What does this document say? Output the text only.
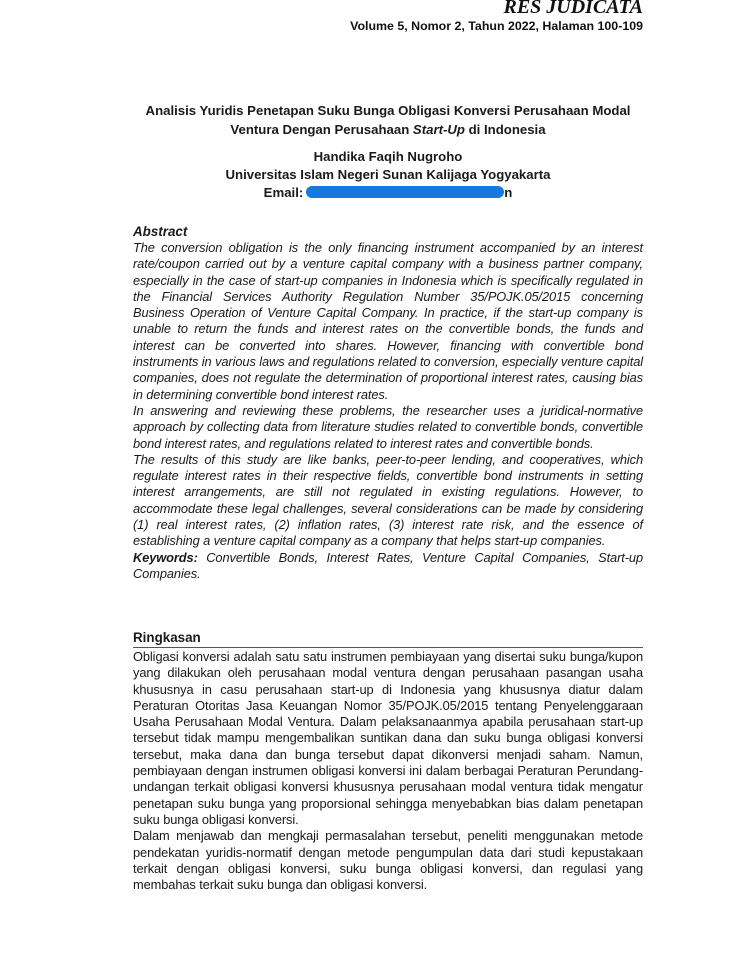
RES JUDICATA
Volume 5, Nomor 2, Tahun 2022, Halaman 100-109
Analisis Yuridis Penetapan Suku Bunga Obligasi Konversi Perusahaan Modal
Ventura Dengan Perusahaan Start-Up di Indonesia
Handika Faqih Nugroho
Universitas Islam Negeri Sunan Kalijaga Yogyakarta
Email:	n
Abstract

The conversion obligation is the only financing instrument accompanied by an interest rate/coupon carried out by a venture capital company with a business partner company, especially in the case of start-up companies in Indonesia which is specifically regulated in the Financial Services Authority Regulation Number 35/POJK.05/2015 concerning Business Operation of Venture Capital Company. In practice, if the start-up company is unable to return the funds and interest rates on the convertible bonds, the funds and interest can be converted into shares. However, financing with convertible bond instruments in various laws and regulations related to conversion, especially venture capital companies, does not regulate the determination of proportional interest rates, causing bias in determining convertible bond interest rates.

In answering and reviewing these problems, the researcher uses a juridical-normative approach by collecting data from literature studies related to convertible bonds, convertible bond interest rates, and regulations related to interest rates and convertible bonds.

The results of this study are like banks, peer-to-peer lending, and cooperatives, which regulate interest rates in their respective fields, convertible bond instruments in setting interest arrangements, are still not regulated in existing regulations. However, to accommodate these legal challenges, several considerations can be made by considering (1) real interest rates, (2) inflation rates, (3) interest rate risk, and the essence of establishing a venture capital company as a company that helps start-up companies.

Keywords: Convertible Bonds, Interest Rates, Venture Capital Companies, Start-up Companies.

Ringkasan

Obligasi konversi adalah satu satu instrumen pembiayaan yang disertai suku bunga/kupon yang dilakukan oleh perusahaan modal ventura dengan perusahaan pasangan usaha khususnya in casu perusahaan start-up di Indonesia yang khususnya diatur dalam Peraturan Otoritas Jasa Keuangan Nomor 35/POJK.05/2015 tentang Penyelenggaraan Usaha Perusahaan Modal Ventura. Dalam pelaksanaanmya apabila perusahaan start-up tersebut tidak mampu mengembalikan suntikan dana dan suku bunga obligasi konversi tersebut, maka dana dan bunga tersebut dapat dikonversi menjadi saham. Namun, pembiayaan dengan instrumen obligasi konversi ini dalam berbagai Peraturan Perundang-undangan terkait obligasi konversi khususnya perusahaan modal ventura tidak mengatur penetapan suku bunga yang proporsional sehingga menyebabkan bias dalam penetapan suku bunga obligasi konversi.

Dalam menjawab dan mengkaji permasalahan tersebut, peneliti menggunakan metode pendekatan yuridis-normatif dengan metode pengumpulan data dari studi kepustakaan terkait dengan obligasi konversi, suku bunga obligasi konversi, dan regulasi yang membahas terkait suku bunga dan obligasi konversi.
